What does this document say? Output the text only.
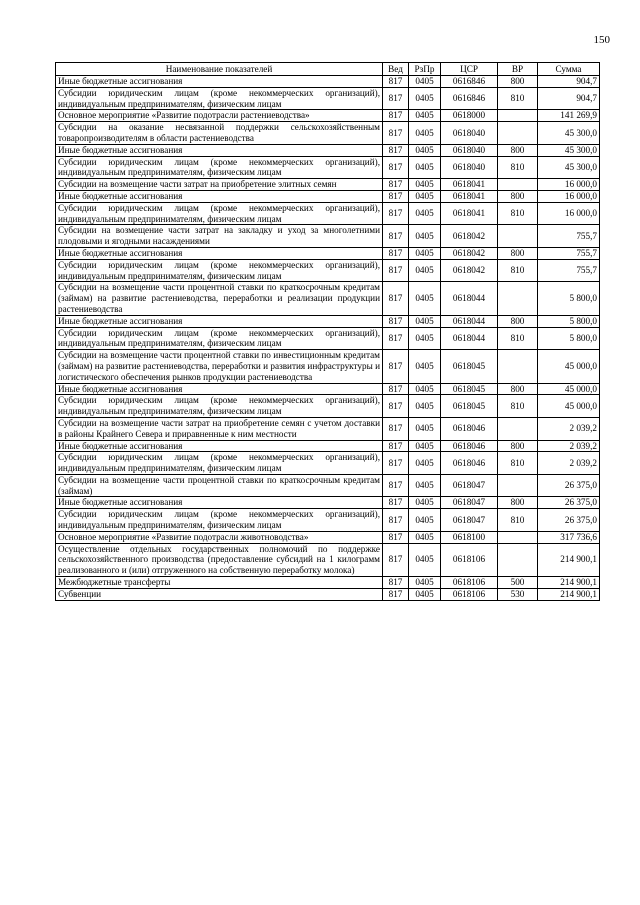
150
Наименование показателей	Вед	РзПр	ЦСР	ВР	Сумма
Иные бюджетные ассигнования	817	0405	0616846	800	904,7
Субсидии юридическим лицам (кроме некоммерческих организаций), индивидуальным предпринимателям, физическим лицам	817	0405	0616846	810	904,7
Основное мероприятие «Развитие подотрасли растениеводства»	817	0405	0618000		141 269,9
Субсидии на оказание несвязанной поддержки сельскохозяйственным товаропроизводителям в области растениеводства	817	0405	0618040		45 300,0
Иные бюджетные ассигнования	817	0405	0618040	800	45 300,0
Субсидии юридическим лицам (кроме некоммерческих организаций), индивидуальным предпринимателям, физическим лицам	817	0405	0618040	810	45 300,0
Субсидии на возмещение части затрат на приобретение элитных семян	817	0405	0618041		16 000,0
Иные бюджетные ассигнования	817	0405	0618041	800	16 000,0
Субсидии юридическим лицам (кроме некоммерческих организаций), индивидуальным предпринимателям, физическим лицам	817	0405	0618041	810	16 000,0
Субсидии на возмещение части затрат на закладку и уход за многолетними плодовыми и ягодными насаждениями	817	0405	0618042		755,7
Иные бюджетные ассигнования	817	0405	0618042	800	755,7
Субсидии юридическим лицам (кроме некоммерческих организаций), индивидуальным предпринимателям, физическим лицам	817	0405	0618042	810	755,7
Субсидии на возмещение части процентной ставки по краткосрочным кредитам (займам) на развитие растениеводства, переработки и реализации продукции растениеводства	817	0405	0618044		5 800,0
Иные бюджетные ассигнования	817	0405	0618044	800	5 800,0
Субсидии юридическим лицам (кроме некоммерческих организаций), индивидуальным предпринимателям, физическим лицам	817	0405	0618044	810	5 800,0
Субсидии на возмещение части процентной ставки по инвестиционным кредитам (займам) на развитие растениеводства, переработки и развития инфраструктуры и логистического обеспечения рынков продукции растениеводства	817	0405	0618045		45 000,0
Иные бюджетные ассигнования	817	0405	0618045	800	45 000,0
Субсидии юридическим лицам (кроме некоммерческих организаций), индивидуальным предпринимателям, физическим лицам	817	0405	0618045	810	45 000,0
Субсидии на возмещение части затрат на приобретение семян с учетом доставки в районы Крайнего Севера и приравненные к ним местности	817	0405	0618046		2 039,2
Иные бюджетные ассигнования	817	0405	0618046	800	2 039,2
Субсидии юридическим лицам (кроме некоммерческих организаций), индивидуальным предпринимателям, физическим лицам	817	0405	0618046	810	2 039,2
Субсидии на возмещение части процентной ставки по краткосрочным кредитам (займам)	817	0405	0618047		26 375,0
Иные бюджетные ассигнования	817	0405	0618047	800	26 375,0
Субсидии юридическим лицам (кроме некоммерческих организаций), индивидуальным предпринимателям, физическим лицам	817	0405	0618047	810	26 375,0
Основное мероприятие «Развитие подотрасли животноводства»	817	0405	0618100		317 736,6
Осуществление отдельных государственных полномочий по поддержке сельскохозяйственного производства (предоставление субсидий на 1 килограмм реализованного и (или) отгруженного на собственную переработку молока)	817	0405	0618106		214 900,1
Межбюджетные трансферты	817	0405	0618106	500	214 900,1
Субвенции	817	0405	0618106	530	214 900,1
